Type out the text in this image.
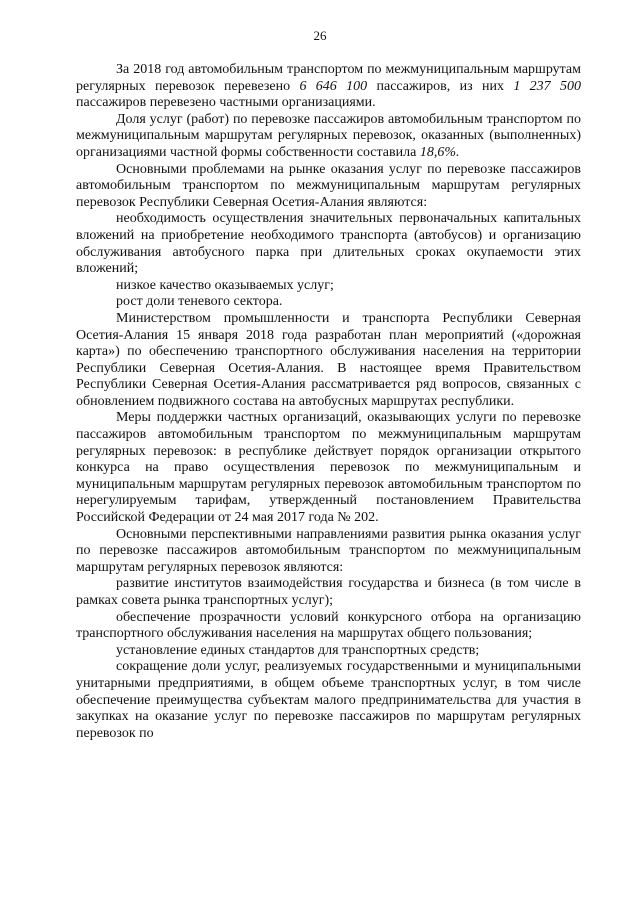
26

За 2018 год автомобильным транспортом по межмуниципальным маршрутам регулярных перевозок перевезено 6 646 100 пассажиров, из них 1 237 500 пассажиров перевезено частными организациями.

Доля услуг (работ) по перевозке пассажиров автомобильным транспортом по межмуниципальным маршрутам регулярных перевозок, оказанных (выполненных) организациями частной формы собственности составила 18,6%.

Основными проблемами на рынке оказания услуг по перевозке пассажиров автомобильным транспортом по межмуниципальным маршрутам регулярных перевозок Республики Северная Осетия-Алания являются:

необходимость осуществления значительных первоначальных капитальных вложений на приобретение необходимого транспорта (автобусов) и организацию обслуживания автобусного парка при длительных сроках окупаемости этих вложений;

низкое качество оказываемых услуг;

рост доли теневого сектора.

Министерством промышленности и транспорта Республики Северная Осетия-Алания 15 января 2018 года разработан план мероприятий («дорожная карта») по обеспечению транспортного обслуживания населения на территории Республики Северная Осетия-Алания. В настоящее время Правительством Республики Северная Осетия-Алания рассматривается ряд вопросов, связанных с обновлением подвижного состава на автобусных маршрутах республики.

Меры поддержки частных организаций, оказывающих услуги по перевозке пассажиров автомобильным транспортом по межмуниципальным маршрутам регулярных перевозок: в республике действует порядок организации открытого конкурса на право осуществления перевозок по межмуниципальным и муниципальным маршрутам регулярных перевозок автомобильным транспортом по нерегулируемым тарифам, утвержденный постановлением Правительства Российской Федерации от 24 мая 2017 года № 202.

Основными перспективными направлениями развития рынка оказания услуг по перевозке пассажиров автомобильным транспортом по межмуниципальным маршрутам регулярных перевозок являются:

развитие институтов взаимодействия государства и бизнеса (в том числе в рамках совета рынка транспортных услуг);

обеспечение прозрачности условий конкурсного отбора на организацию транспортного обслуживания населения на маршрутах общего пользования;

установление единых стандартов для транспортных средств;

сокращение доли услуг, реализуемых государственными и муниципальными унитарными предприятиями, в общем объеме транспортных услуг, в том числе обеспечение преимущества субъектам малого предпринимательства для участия в закупках на оказание услуг по перевозке пассажиров по маршрутам регулярных перевозок по
